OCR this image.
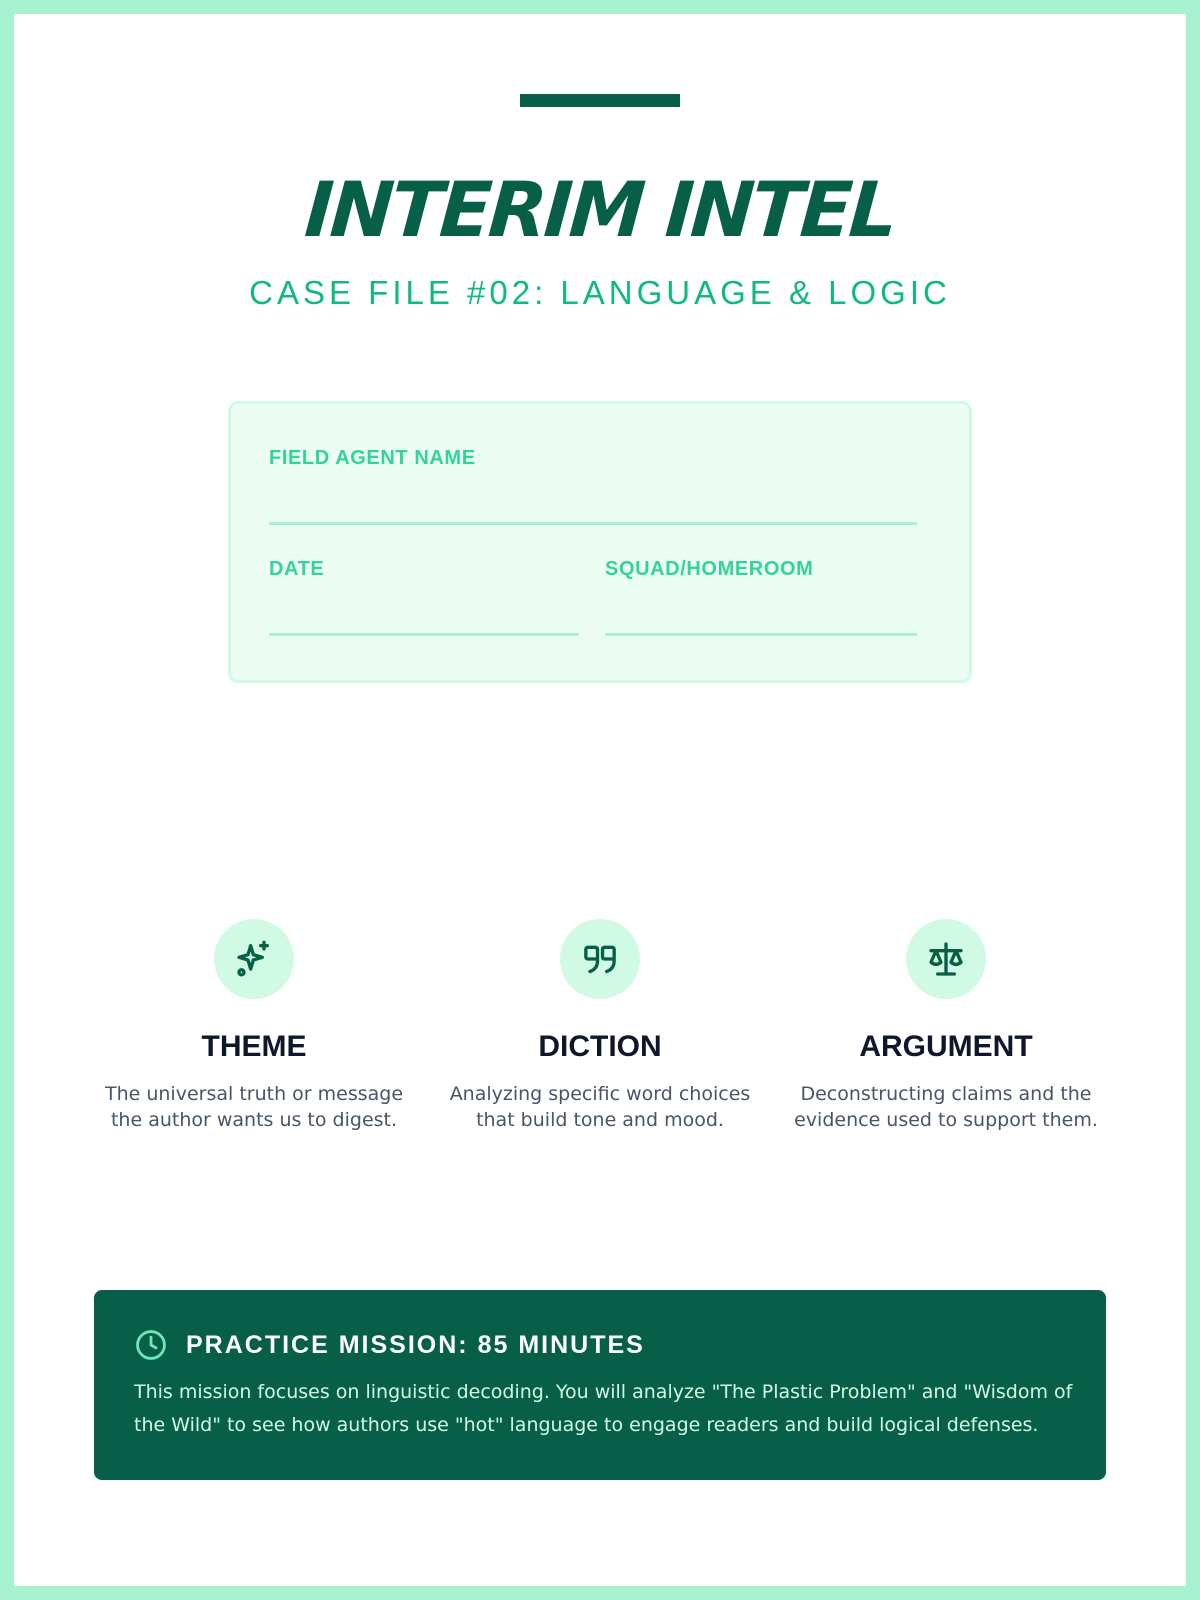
INTERIM INTEL
CASE FILE #02: LANGUAGE & LOGIC
FIELD AGENT NAME
DATE	SQUAD/HOMEROOM
THEME
The universal truth or message the author wants us to digest.
DICTION
Analyzing specific word choices that build tone and mood.
ARGUMENT
Deconstructing claims and the evidence used to support them.
PRACTICE MISSION: 85 MINUTES
This mission focuses on linguistic decoding. You will analyze "The Plastic Problem" and "Wisdom of the Wild" to see how authors use "hot" language to engage readers and build logical defenses.
